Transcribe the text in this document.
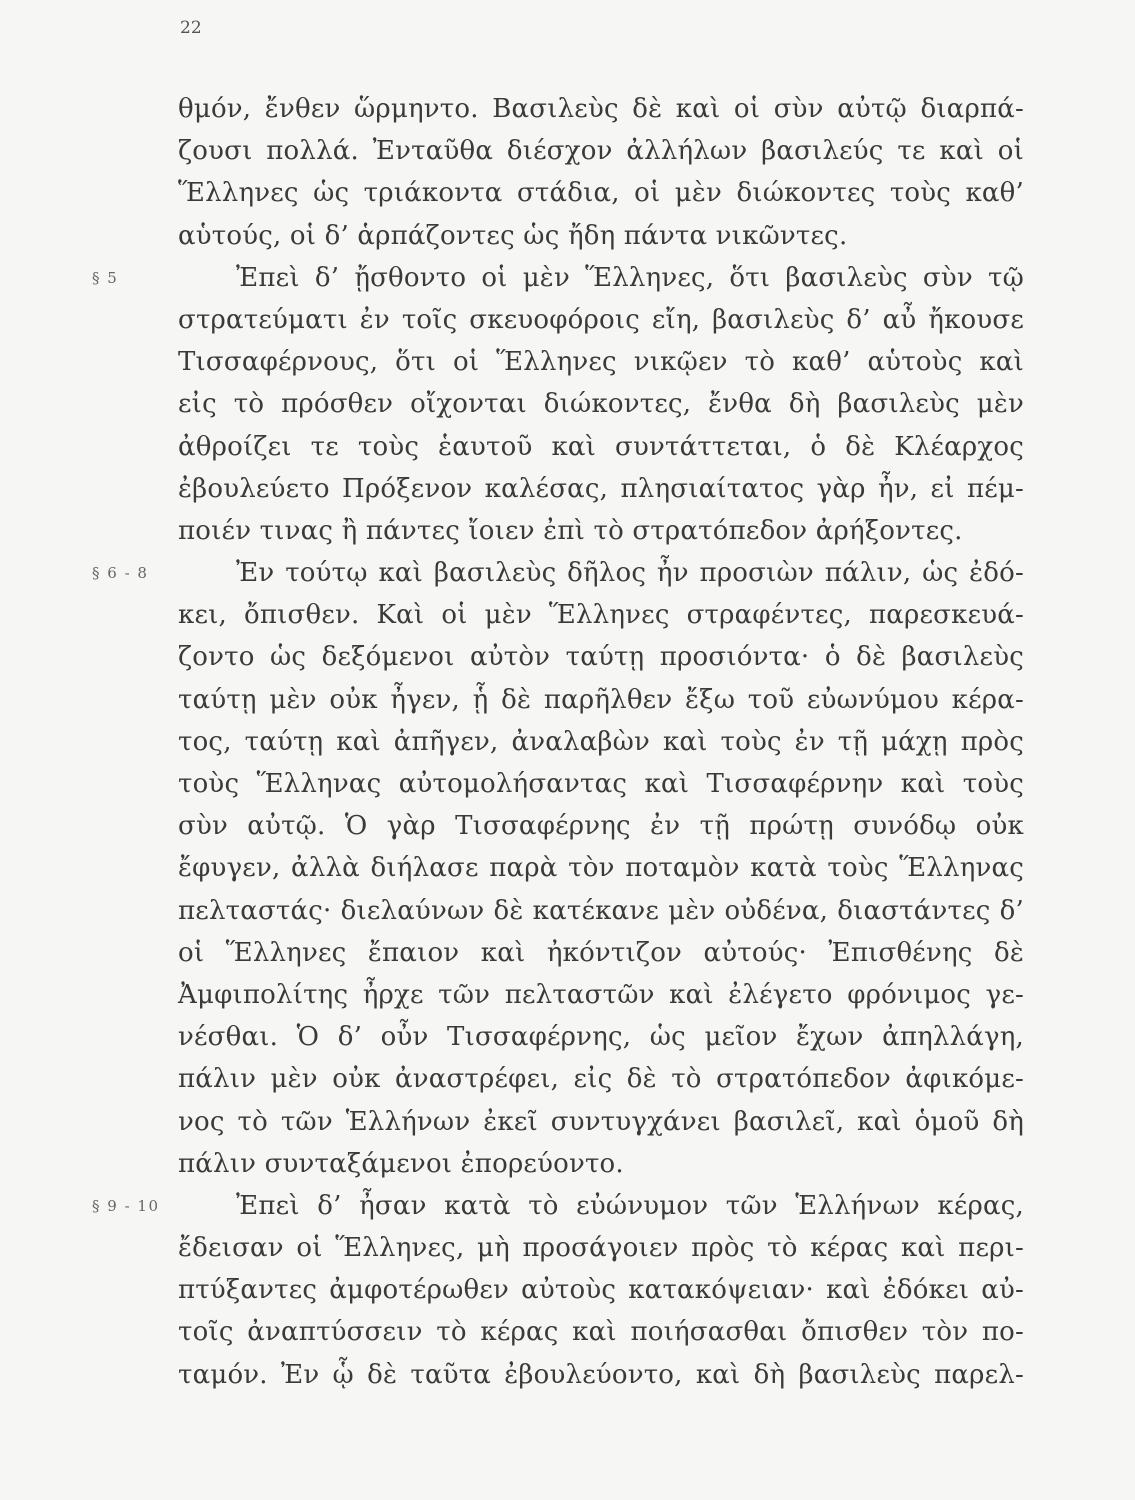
22
θμόν, ἔνθεν ὥρμηντο. Βασιλεὺς δὲ καὶ οἱ σὺν αὐτῷ διαρπά-
ζουσι πολλά. Ἐνταῦθα διέσχον ἀλλήλων βασιλεύς τε καὶ οἱ
Ἕλληνες ὡς τριάκοντα στάδια, οἱ μὲν διώκοντες τοὺς καθ’
αὑτούς, οἱ δ’ ἁρπάζοντες ὡς ἤδη πάντα νικῶντες.
§ 5	Ἐπεὶ δ’ ᾔσθοντο οἱ μὲν Ἕλληνες, ὅτι βασιλεὺς σὺν τῷ
στρατεύματι ἐν τοῖς σκευοφόροις εἴη, βασιλεὺς δ’ αὖ ἤκουσε
Τισσαφέρνους, ὅτι οἱ Ἕλληνες νικῷεν τὸ καθ’ αὑτοὺς καὶ
εἰς τὸ πρόσθεν οἴχονται διώκοντες, ἔνθα δὴ βασιλεὺς μὲν
ἀθροίζει τε τοὺς ἑαυτοῦ καὶ συντάττεται, ὁ δὲ Κλέαρχος
ἐβουλεύετο Πρόξενον καλέσας, πλησιαίτατος γὰρ ἦν, εἰ πέμ-
ποιέν τινας ἢ πάντες ἴοιεν ἐπὶ τὸ στρατόπεδον ἀρήξοντες.
§ 6 - 8	Ἐν τούτῳ καὶ βασιλεὺς δῆλος ἦν προσιὼν πάλιν, ὡς ἐδό-
κει, ὄπισθεν. Καὶ οἱ μὲν Ἕλληνες στραφέντες, παρεσκευά-
ζοντο ὡς δεξόμενοι αὐτὸν ταύτῃ προσιόντα· ὁ δὲ βασιλεὺς
ταύτῃ μὲν οὐκ ἦγεν, ᾗ δὲ παρῆλθεν ἔξω τοῦ εὐωνύμου κέρα-
τος, ταύτῃ καὶ ἀπῆγεν, ἀναλαβὼν καὶ τοὺς ἐν τῇ μάχῃ πρὸς
τοὺς Ἕλληνας αὐτομολήσαντας καὶ Τισσαφέρνην καὶ τοὺς
σὺν αὐτῷ. Ὁ γὰρ Τισσαφέρνης ἐν τῇ πρώτῃ συνόδῳ οὐκ
ἔφυγεν, ἀλλὰ διήλασε παρὰ τὸν ποταμὸν κατὰ τοὺς Ἕλληνας
πελταστάς· διελαύνων δὲ κατέκανε μὲν οὐδένα, διαστάντες δ’
οἱ Ἕλληνες ἔπαιον καὶ ἠκόντιζον αὐτούς· Ἐπισθένης δὲ
Ἀμφιπολίτης ἦρχε τῶν πελταστῶν καὶ ἐλέγετο φρόνιμος γε-
νέσθαι. Ὁ δ’ οὖν Τισσαφέρνης, ὡς μεῖον ἔχων ἀπηλλάγη,
πάλιν μὲν οὐκ ἀναστρέφει, εἰς δὲ τὸ στρατόπεδον ἀφικόμε-
νος τὸ τῶν Ἑλλήνων ἐκεῖ συντυγχάνει βασιλεῖ, καὶ ὁμοῦ δὴ
πάλιν συνταξάμενοι ἐπορεύοντο.
§ 9 - 10	Ἐπεὶ δ’ ἦσαν κατὰ τὸ εὐώνυμον τῶν Ἑλλήνων κέρας,
ἔδεισαν οἱ Ἕλληνες, μὴ προσάγοιεν πρὸς τὸ κέρας καὶ περι-
πτύξαντες ἀμφοτέρωθεν αὐτοὺς κατακόψειαν· καὶ ἐδόκει αὐ-
τοῖς ἀναπτύσσειν τὸ κέρας καὶ ποιήσασθαι ὄπισθεν τὸν πο-
ταμόν. Ἐν ᾧ δὲ ταῦτα ἐβουλεύοντο, καὶ δὴ βασιλεὺς παρελ-
